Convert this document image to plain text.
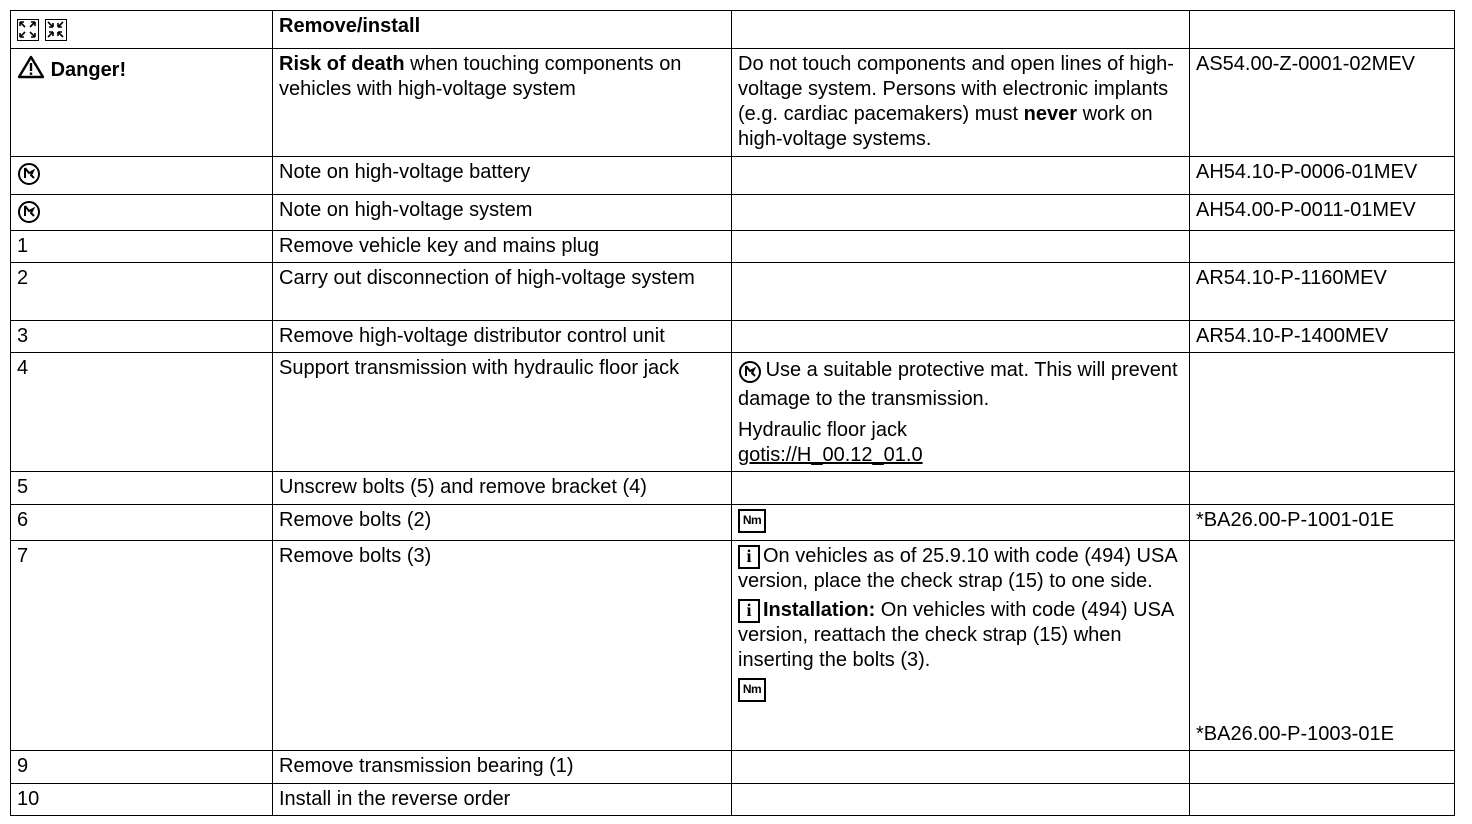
	Remove/install		
Danger!	Risk of death when touching components on vehicles with high-voltage system	Do not touch components and open lines of high-voltage system. Persons with electronic implants (e.g. cardiac pacemakers) must never work on high-voltage systems.	AS54.00-Z-0001-02MEV
	Note on high-voltage battery		AH54.10-P-0006-01MEV
	Note on high-voltage system		AH54.00-P-0011-01MEV
1	Remove vehicle key and mains plug		
2	Carry out disconnection of high-voltage system		AR54.10-P-1160MEV
3	Remove high-voltage distributor control unit		AR54.10-P-1400MEV
4	Support transmission with hydraulic floor jack	Use a suitable protective mat. This will prevent damage to the transmission.
Hydraulic floor jack
gotis://H_00.12_01.0	

5	Unscrew bolts (5) and remove bracket (4)		
6	Remove bolts (2)	Nm	*BA26.00-P-1001-01E
7	Remove bolts (3)	i On vehicles as of 25.9.10 with code (494) USA version, place the check strap (15) to one side.
i Installation: On vehicles with code (494) USA version, reattach the check strap (15) when inserting the bolts (3).
Nm	*BA26.00-P-1003-01E
9	Remove transmission bearing (1)		
10	Install in the reverse order		
